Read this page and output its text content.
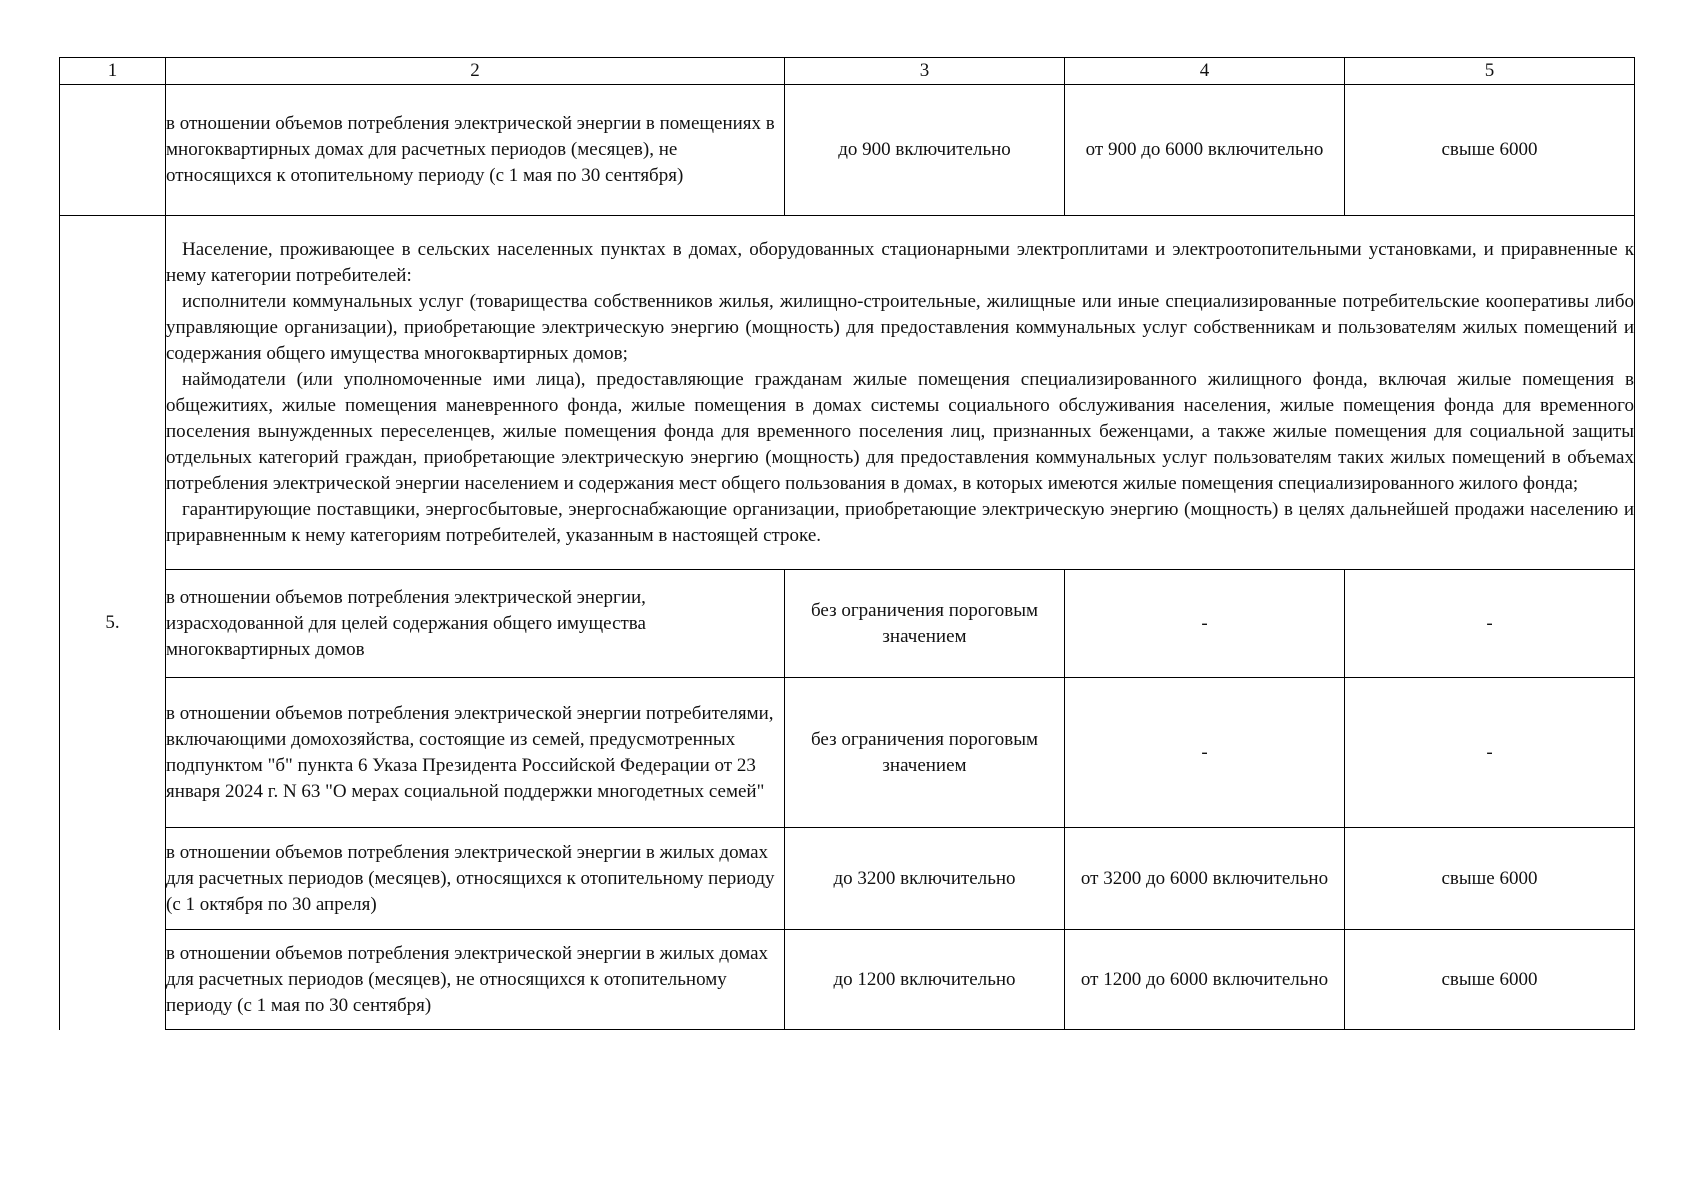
1	2	3	4	5
	в отношении объемов потребления электрической энергии в помещениях в многоквартирных домах для расчетных периодов (месяцев), не относящихся к отопительному периоду (с 1 мая по 30 сентября)	до 900 включительно	от 900 до 6000 включительно	свыше 6000
5.	Население, проживающее в сельских населенных пунктах в домах, оборудованных стационарными электроплитами и электроотопительными установками, и приравненные к нему категории потребителей:

исполнители коммунальных услуг (товарищества собственников жилья, жилищно-строительные, жилищные или иные специализированные потребительские кооперативы либо управляющие организации), приобретающие электрическую энергию (мощность) для предоставления коммунальных услуг собственникам и пользователям жилых помещений и содержания общего имущества многоквартирных домов;

наймодатели (или уполномоченные ими лица), предоставляющие гражданам жилые помещения специализированного жилищного фонда, включая жилые помещения в общежитиях, жилые помещения маневренного фонда, жилые помещения в домах системы социального обслуживания населения, жилые помещения фонда для временного поселения вынужденных переселенцев, жилые помещения фонда для временного поселения лиц, признанных беженцами, а также жилые помещения для социальной защиты отдельных категорий граждан, приобретающие электрическую энергию (мощность) для предоставления коммунальных услуг пользователям таких жилых помещений в объемах потребления электрической энергии населением и содержания мест общего пользования в домах, в которых имеются жилые помещения специализированного жилого фонда;

гарантирующие поставщики, энергосбытовые, энергоснабжающие организации, приобретающие электрическую энергию (мощность) в целях дальнейшей продажи населению и приравненным к нему категориям потребителей, указанным в настоящей строке.			

	в отношении объемов потребления электрической энергии, израсходованной для целей содержания общего имущества многоквартирных домов	без ограничения пороговым значением	-	-
	в отношении объемов потребления электрической энергии потребителями, включающими домохозяйства, состоящие из семей, предусмотренных подпунктом "б" пункта 6 Указа Президента Российской Федерации от 23 января 2024 г. N 63 "О мерах социальной поддержки многодетных семей"	без ограничения пороговым значением	-	-
	в отношении объемов потребления электрической энергии в жилых домах для расчетных периодов (месяцев), относящихся к отопительному периоду (с 1 октября по 30 апреля)	до 3200 включительно	от 3200 до 6000 включительно	свыше 6000
	в отношении объемов потребления электрической энергии в жилых домах для расчетных периодов (месяцев), не относящихся к отопительному периоду (с 1 мая по 30 сентября)	до 1200 включительно	от 1200 до 6000 включительно	свыше 6000
